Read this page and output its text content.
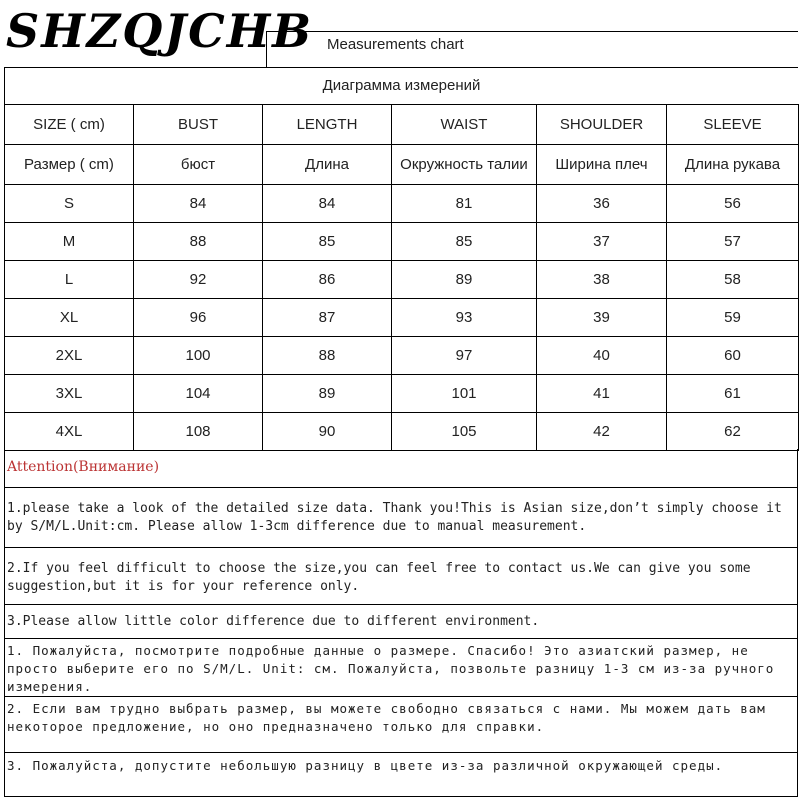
SHZQJCHB Measurements chart
Диаграмма измерений
SIZE ( cm)	BUST	LENGTH	WAIST	SHOULDER	SLEEVE
Размер ( cm)	бюст	Длина	Окружность талии	Ширина плеч	Длина рукава
S	84	84	81	36	56
M	88	85	85	37	57
L	92	86	89	38	58
XL	96	87	93	39	59
2XL	100	88	97	40	60
3XL	104	89	101	41	61
4XL	108	90	105	42	62
Attention(Внимание)
1.please take a look of the detailed size data. Thank you!This is Asian size,don’t simply choose it by S/M/L.Unit:cm. Please allow 1-3cm difference due to manual measurement.
2.If you feel difficult to choose the size,you can feel free to contact us.We can give you some suggestion,but it is for your reference only.
3.Please allow little color difference due to different environment.
1. Пожалуйста, посмотрите подробные данные о размере. Спасибо! Это азиатский размер, не просто выберите его по S/M/L. Unit: см. Пожалуйста, позвольте разницу 1-3 см из-за ручного измерения.
2. Если вам трудно выбрать размер, вы можете свободно связаться с нами. Мы можем дать вам некоторое предложение, но оно предназначено только для справки.
3. Пожалуйста, допустите небольшую разницу в цвете из-за различной окружающей среды.
